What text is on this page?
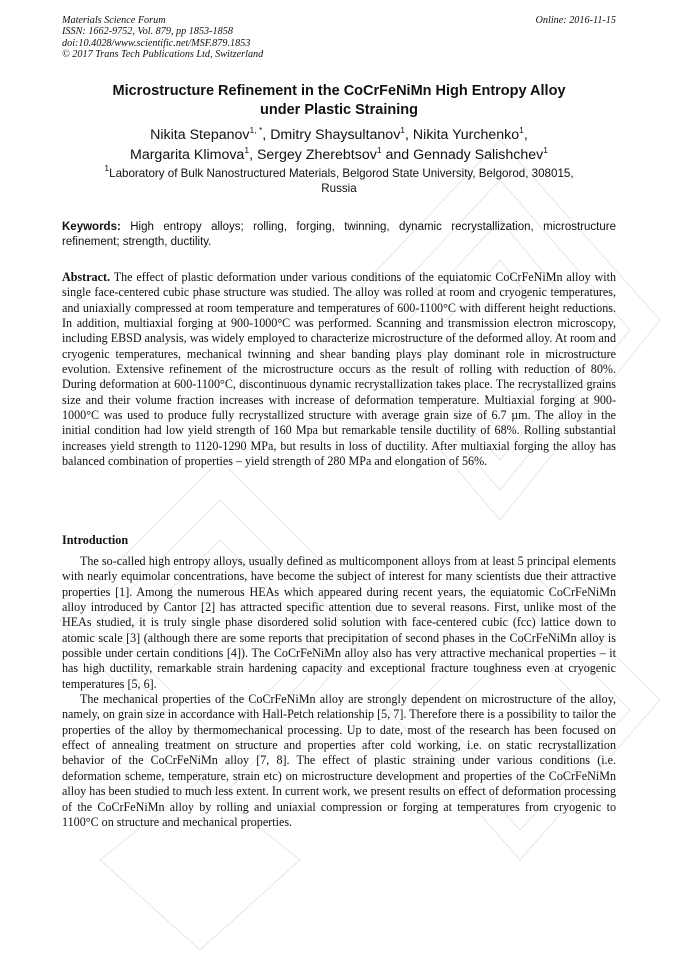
Materials Science Forum
ISSN: 1662-9752, Vol. 879, pp 1853-1858
doi:10.4028/www.scientific.net/MSF.879.1853
© 2017 Trans Tech Publications Ltd, Switzerland
Online: 2016-11-15
Microstructure Refinement in the CoCrFeNiMn High Entropy Alloy
under Plastic Straining
Nikita Stepanov$^{1, *}$, Dmitry Shaysultanov$^1$, Nikita Yurchenko$^1$,
Margarita Klimova$^1$, Sergey Zherebtsov$^1$ and Gennady Salishchev$^1$
$^1$Laboratory of Bulk Nanostructured Materials, Belgorod State University, Belgorod, 308015,
Russia
Keywords: High entropy alloys; rolling, forging, twinning, dynamic recrystallization, microstructure refinement; strength, ductility.
Abstract. The effect of plastic deformation under various conditions of the equiatomic CoCrFeNiMn alloy with single face-centered cubic phase structure was studied. The alloy was rolled at room and cryogenic temperatures, and uniaxially compressed at room temperature and temperatures of 600-1100°C with different height reductions. In addition, multiaxial forging at 900-1000°C was performed. Scanning and transmission electron microscopy, including EBSD analysis, was widely employed to characterize microstructure of the deformed alloy. At room and cryogenic temperatures, mechanical twinning and shear banding plays play dominant role in microstructure evolution. Extensive refinement of the microstructure occurs as the result of rolling with reduction of 80%. During deformation at 600-1100°C, discontinuous dynamic recrystallization takes place. The recrystallized grains size and their volume fraction increases with increase of deformation temperature. Multiaxial forging at 900-1000°C was used to produce fully recrystallized structure with average grain size of 6.7 µm. The alloy in the initial condition had low yield strength of 160 Mpa but remarkable tensile ductility of 68%. Rolling substantial increases yield strength to 1120-1290 MPa, but results in loss of ductility. After multiaxial forging the alloy has balanced combination of properties – yield strength of 280 MPa and elongation of 56%.
Introduction

The so-called high entropy alloys, usually defined as multicomponent alloys from at least 5 principal elements with nearly equimolar concentrations, have become the subject of interest for many scientists due their attractive properties [1]. Among the numerous HEAs which appeared during recent years, the equiatomic CoCrFeNiMn alloy introduced by Cantor [2] has attracted specific attention due to several reasons. First, unlike most of the HEAs studied, it is truly single phase disordered solid solution with face-centered cubic (fcc) lattice down to atomic scale [3] (although there are some reports that precipitation of second phases in the CoCrFeNiMn alloy is possible under certain conditions [4]). The CoCrFeNiMn alloy also has very attractive mechanical properties – it has high ductility, remarkable strain hardening capacity and exceptional fracture toughness even at cryogenic temperatures [5, 6].

The mechanical properties of the CoCrFeNiMn alloy are strongly dependent on microstructure of the alloy, namely, on grain size in accordance with Hall-Petch relationship [5, 7]. Therefore there is a possibility to tailor the properties of the alloy by thermomechanical processing. Up to date, most of the research has been focused on effect of annealing treatment on structure and properties after cold working, i.e. on static recrystallization behavior of the CoCrFeNiMn alloy [7, 8]. The effect of plastic straining under various conditions (i.e. deformation scheme, temperature, strain etc) on microstructure development and properties of the CoCrFeNiMn alloy has been studied to much less extent. In current work, we present results on effect of deformation processing of the CoCrFeNiMn alloy by rolling and uniaxial compression or forging at temperatures from cryogenic to 1100°C on structure and mechanical properties.
